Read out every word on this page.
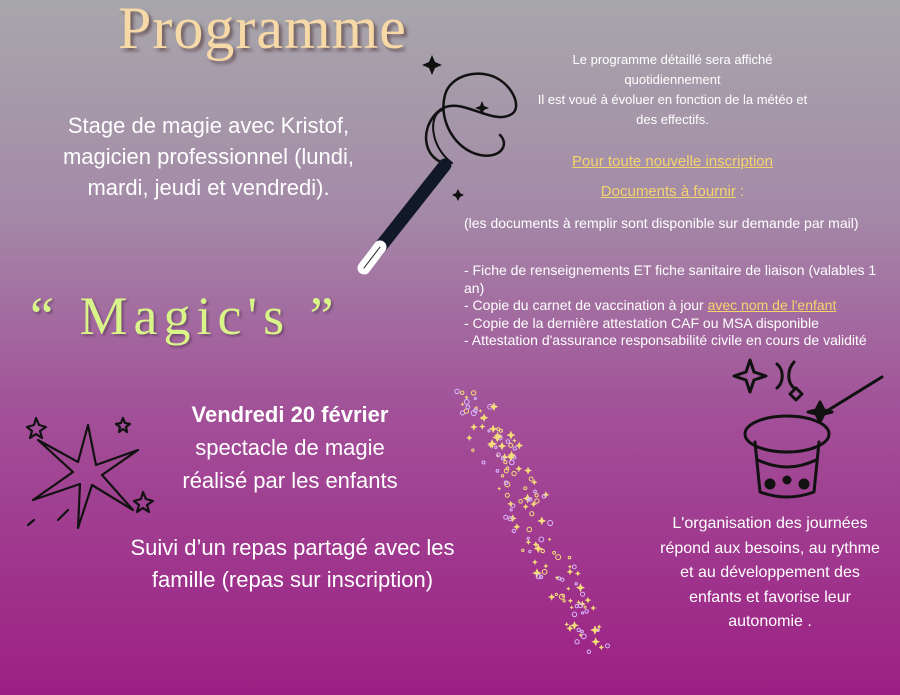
Programme
Stage de magie avec Kristof, magicien professionnel (lundi, mardi, jeudi et vendredi).
“ Magic's ”
Le programme détaillé sera affiché quotidiennement
Il est voué à évoluer en fonction de la météo et des effectifs.
Pour toute nouvelle inscription
Documents à fournir :
(les documents à remplir sont disponible sur demande par mail)
- Fiche de renseignements ET fiche sanitaire de liaison (valables 1 an)
- Copie du carnet de vaccination à jour avec nom de l'enfant
- Copie de la dernière attestation CAF ou MSA disponible
- Attestation d'assurance responsabilité civile en cours de validité
Vendredi 20 février
spectacle de magie
réalisé par les enfants
Suivi d’un repas partagé avec les famille (repas sur inscription)
L'organisation des journées répond aux besoins, au rythme et au développement des enfants et favorise leur autonomie .
